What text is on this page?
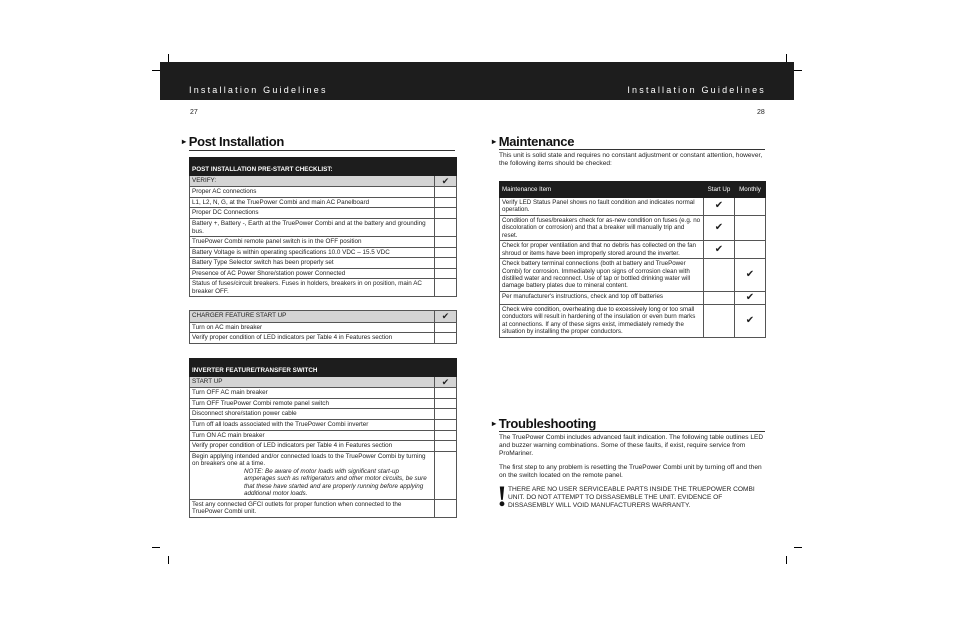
Installation Guidelines	Installation Guidelines
27	28
▸ Post Installation
POST INSTALLATION PRE-START CHECKLIST:	
VERIFY:	✔
Proper AC connections	
L1, L2, N, G, at the TruePower Combi and main AC Panelboard	
Proper DC Connections	
Battery +, Battery -, Earth at the TruePower Combi and at the battery and grounding bus.	
TruePower Combi remote panel switch is in the OFF position	
Battery Voltage is within operating specifications 10.0 VDC – 15.5 VDC	
Battery Type Selector switch has been properly set	
Presence of AC Power Shore/station power Connected	
Status of fuses/circuit breakers. Fuses in holders, breakers in on position, main AC breaker OFF.	
CHARGER FEATURE START UP	✔
Turn on AC main breaker	
Verify proper condition of LED indicators per Table 4 in Features section	
INVERTER FEATURE/TRANSFER SWITCH	
START UP	✔
Turn OFF AC main breaker	
Turn OFF TruePower Combi remote panel switch	
Disconnect shore/station power cable	
Turn off all loads associated with the TruePower Combi inverter	
Turn ON AC main breaker	
Verify proper condition of LED indicators per Table 4 in Features section	

Begin applying intended and/or connected loads to the TruePower Combi by turning on breakers one at a time.
NOTE: Be aware of motor loads with significant start-up amperages such as refrigerators and other motor circuits, be sure that these have started and are properly running before applying additional motor loads.	

Test any connected GFCI outlets for proper function when connected to the TruePower Combi unit.	
▸ Maintenance
This unit is solid state and requires no constant adjustment or constant attention, however, the following items should be checked:
Maintenance Item	Start Up	Monthly
Verify LED Status Panel shows no fault condition and indicates normal operation.	✔	
Condition of fuses/breakers check for as-new condition on fuses (e.g. no discoloration or corrosion) and that a breaker will manually trip and reset.	✔	
Check for proper ventilation and that no debris has collected on the fan shroud or items have been improperly stored around the inverter.	✔	
Check battery terminal connections (both at battery and TruePower Combi) for corrosion. Immediately upon signs of corrosion clean with distilled water and reconnect. Use of tap or bottled drinking water will damage battery plates due to mineral content.		✔
Per manufacturer's instructions, check and top off batteries		✔
Check wire condition, overheating due to excessively long or too small conductors will result in hardening of the insulation or even burn marks at connections. If any of these signs exist, immediately remedy the situation by installing the proper conductors.		✔
▸ Troubleshooting
The TruePower Combi includes advanced fault indication. The following table outlines LED and buzzer warning combinations. Some of these faults, if exist, require service from ProMariner.
The first step to any problem is resetting the TruePower Combi unit by turning off and then on the switch located on the remote panel.
! THERE ARE NO USER SERVICEABLE PARTS INSIDE THE TRUEPOWER COMBI UNIT. DO NOT ATTEMPT TO DISSASEMBLE THE UNIT. EVIDENCE OF DISSASEMBLY WILL VOID MANUFACTURERS WARRANTY.
